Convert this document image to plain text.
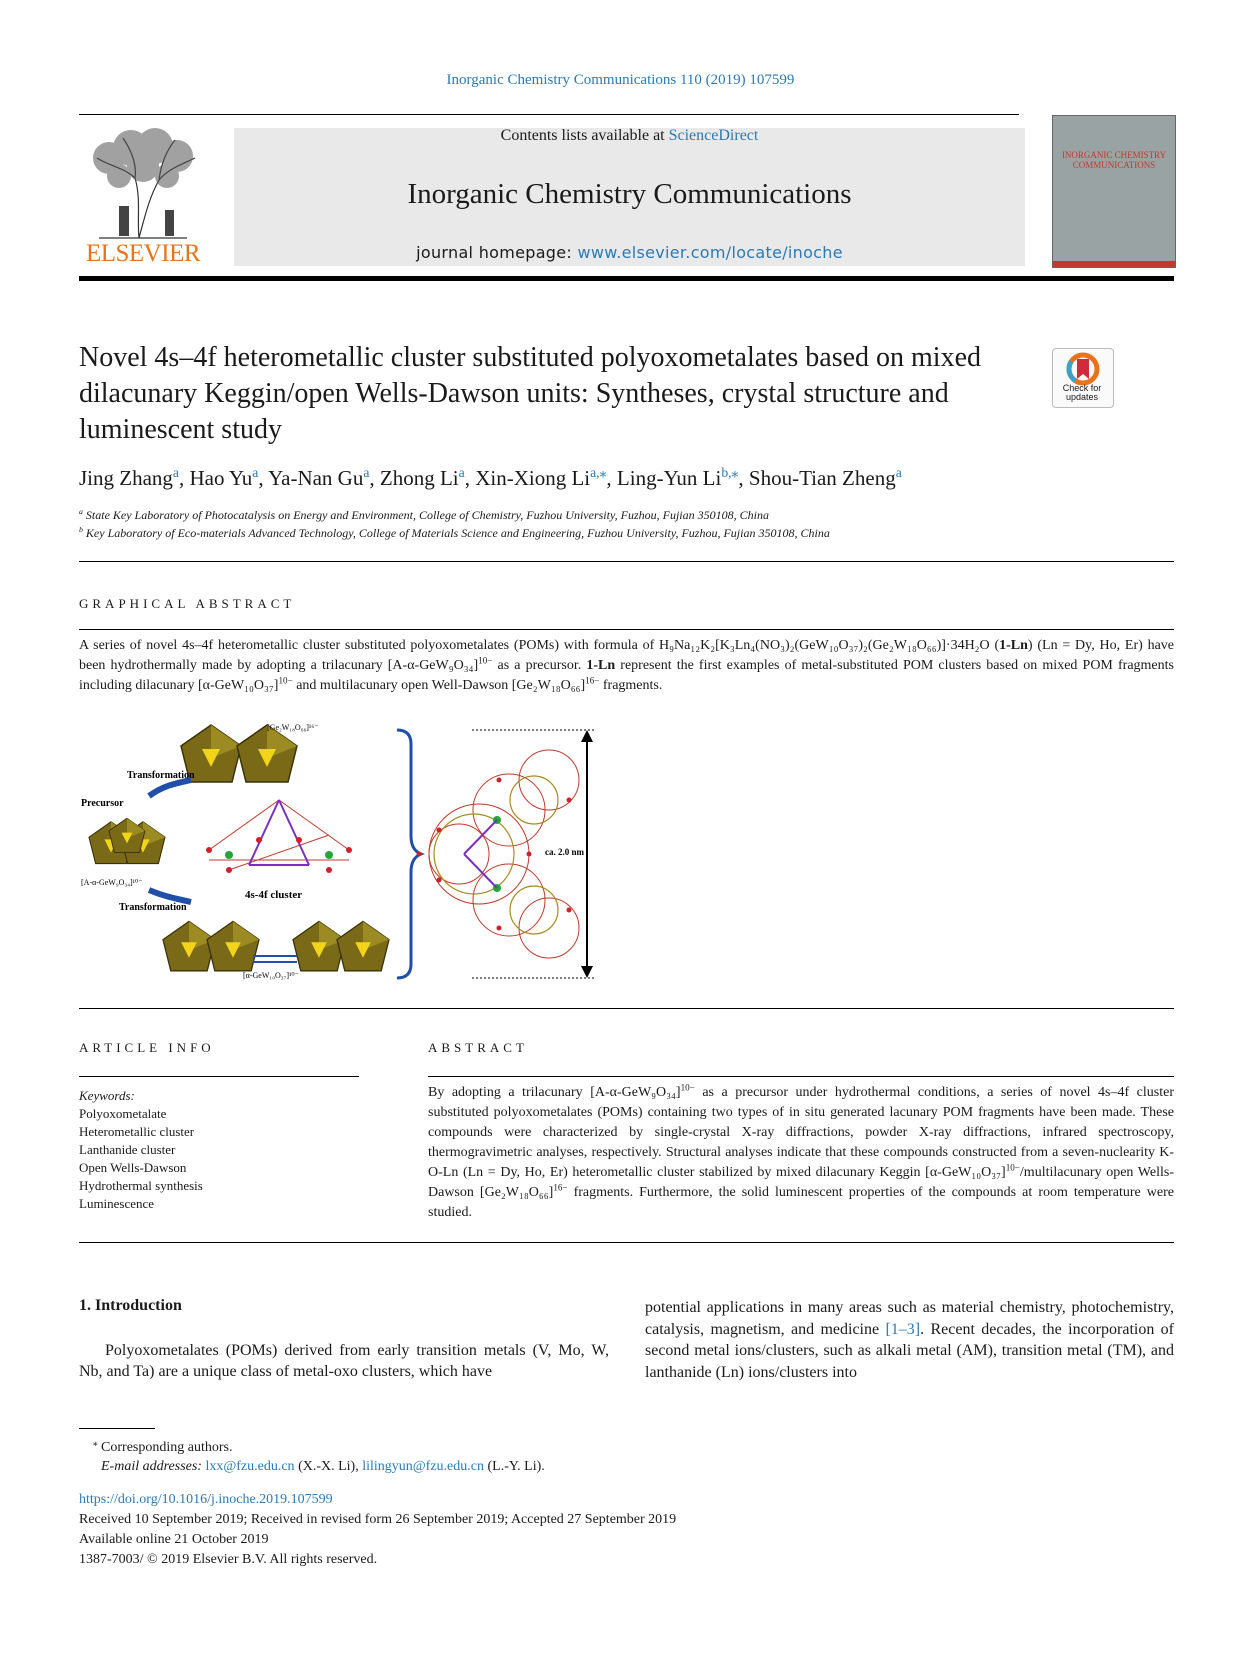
Inorganic Chemistry Communications 110 (2019) 107599
ELSEVIER
Contents lists available at ScienceDirect
Inorganic Chemistry Communications
journal homepage: www.elsevier.com/locate/inoche
INORGANIC CHEMISTRY COMMUNICATIONS
Novel 4s–4f heterometallic cluster substituted polyoxometalates based on mixed dilacunary Keggin/open Wells-Dawson units: Syntheses, crystal structure and luminescent study
Check for updates
Jing Zhang$^a$, Hao Yu$^a$, Ya-Nan Gu$^a$, Zhong Li$^a$, Xin-Xiong $Li^{a,⁎}$, Ling-Yun $Li^{b,⁎}$, Shou-Tian Zheng$^a$
$^a$ State Key Laboratory of Photocatalysis on Energy and Environment, College of Chemistry, Fuzhou University, Fuzhou, Fujian 350108, China
$^b$ Key Laboratory of Eco-materials Advanced Technology, College of Materials Science and Engineering, Fuzhou University, Fuzhou, Fujian 350108, China
GRAPHICAL ABSTRACT
A series of novel 4s–4f heterometallic cluster substituted polyoxometalates (POMs) with formula of H₉Na₁₂K₂[K₃Ln₄(NO₃)₂(GeW₁₀O₃₇)₂(Ge₂W₁₈O₆₆)]·34H₂O (1-Ln) (Ln = Dy, Ho, Er) have been hydrothermally made by adopting a trilacunary $[A-\alpha-GeW_9O_{34}]^{10-}$ as a precursor. 1-Ln represent the first examples of metal-substituted POM clusters based on mixed POM fragments including dilacunary $[\alpha-GeW_{10}O_{37}]^{10-}$ and multilacunary open Well-Dawson $[Ge_2W_{18}O_{66}]^{16-}$ fragments.
[Ge₂W₁₈O₆₆]¹⁶⁻
Precursor
[A-α-GeW₉O₃₄]¹⁰⁻
Transformation
Transformation
4s-4f cluster
[α-GeW₁₀O₃₇]¹⁰⁻
ca. 2.0 nm
ARTICLE INFO	ABSTRACT
Keywords:
Polyoxometalate
Heterometallic cluster
Lanthanide cluster
Open Wells-Dawson
Hydrothermal synthesis
Luminescence
By adopting a trilacunary $[A-\alpha-GeW_9O_{34}]^{10-}$ as a precursor under hydrothermal conditions, a series of novel 4s–4f cluster substituted polyoxometalates (POMs) containing two types of in situ generated lacunary POM fragments have been made. These compounds were characterized by single-crystal X-ray diffractions, powder X-ray diffractions, infrared spectroscopy, thermogravimetric analyses, respectively. Structural analyses indicate that these compounds constructed from a seven-nuclearity K-O-Ln (Ln = Dy, Ho, Er) heterometallic cluster stabilized by mixed dilacunary Keggin $[\alpha-GeW_{10}O_{37}]^{10-}$/multilacunary open Wells-Dawson $[Ge_2W_{18}O_{66}]^{16-}$ fragments. Furthermore, the solid luminescent properties of the compounds at room temperature were studied.
1. Introduction
Polyoxometalates (POMs) derived from early transition metals (V, Mo, W, Nb, and Ta) are a unique class of metal-oxo clusters, which have
potential applications in many areas such as material chemistry, photochemistry, catalysis, magnetism, and medicine [1–3]. Recent decades, the incorporation of second metal ions/clusters, such as alkali metal (AM), transition metal (TM), and lanthanide (Ln) ions/clusters into
⁎ Corresponding authors.
E-mail addresses: lxx@fzu.edu.cn (X.-X. Li), lilingyun@fzu.edu.cn (L.-Y. Li).
https://doi.org/10.1016/j.inoche.2019.107599
Received 10 September 2019; Received in revised form 26 September 2019; Accepted 27 September 2019
Available online 21 October 2019
1387-7003/ © 2019 Elsevier B.V. All rights reserved.
